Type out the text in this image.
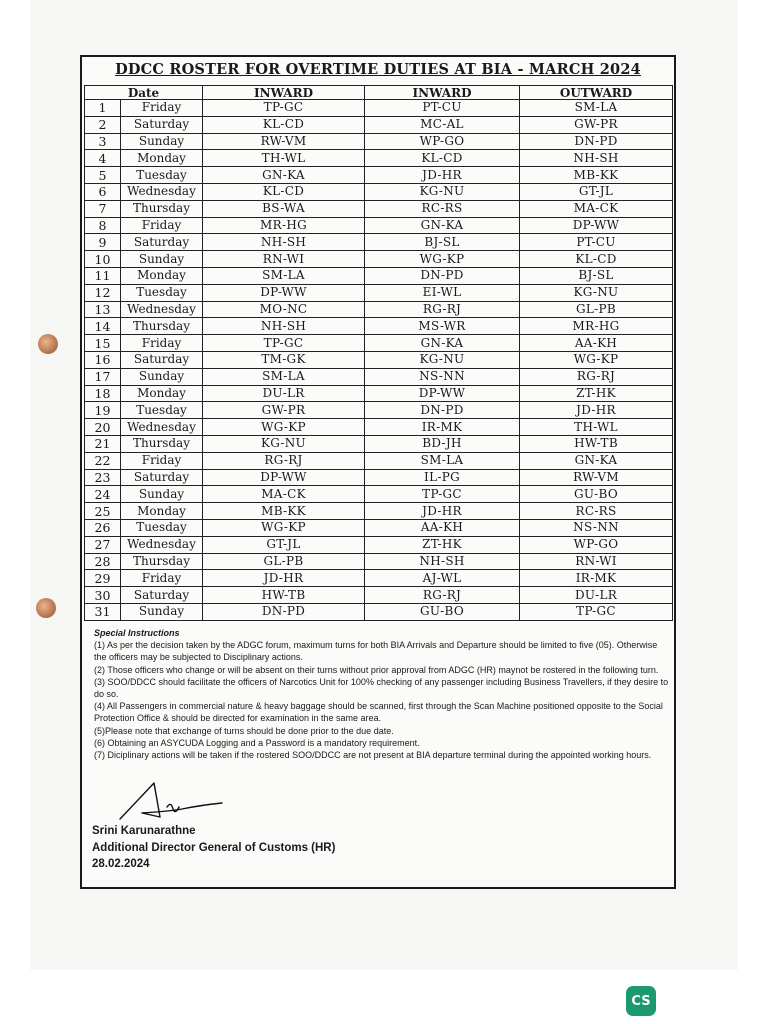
DDCC ROSTER FOR OVERTIME DUTIES AT BIA - MARCH 2024
Date		INWARD	INWARD	OUTWARD
1	Friday	TP-GC	PT-CU	SM-LA
2	Saturday	KL-CD	MC-AL	GW-PR
3	Sunday	RW-VM	WP-GO	DN-PD
4	Monday	TH-WL	KL-CD	NH-SH
5	Tuesday	GN-KA	JD-HR	MB-KK
6	Wednesday	KL-CD	KG-NU	GT-JL
7	Thursday	BS-WA	RC-RS	MA-CK
8	Friday	MR-HG	GN-KA	DP-WW
9	Saturday	NH-SH	BJ-SL	PT-CU
10	Sunday	RN-WI	WG-KP	KL-CD
11	Monday	SM-LA	DN-PD	BJ-SL
12	Tuesday	DP-WW	EI-WL	KG-NU
13	Wednesday	MO-NC	RG-RJ	GL-PB
14	Thursday	NH-SH	MS-WR	MR-HG
15	Friday	TP-GC	GN-KA	AA-KH
16	Saturday	TM-GK	KG-NU	WG-KP
17	Sunday	SM-LA	NS-NN	RG-RJ
18	Monday	DU-LR	DP-WW	ZT-HK
19	Tuesday	GW-PR	DN-PD	JD-HR
20	Wednesday	WG-KP	IR-MK	TH-WL
21	Thursday	KG-NU	BD-JH	HW-TB
22	Friday	RG-RJ	SM-LA	GN-KA
23	Saturday	DP-WW	IL-PG	RW-VM
24	Sunday	MA-CK	TP-GC	GU-BO
25	Monday	MB-KK	JD-HR	RC-RS
26	Tuesday	WG-KP	AA-KH	NS-NN
27	Wednesday	GT-JL	ZT-HK	WP-GO
28	Thursday	GL-PB	NH-SH	RN-WI
29	Friday	JD-HR	AJ-WL	IR-MK
30	Saturday	HW-TB	RG-RJ	DU-LR
31	Sunday	DN-PD	GU-BO	TP-GC

Special Instructions

(1) As per the decision taken by the ADGC forum, maximum turns for both BIA Arrivals and Departure should be limited to five (05). Otherwise the officers may be subjected to Disciplinary actions.

(2) Those officers who change or will be absent on their turns without prior approval from ADGC (HR) maynot be rostered in the following turn.

(3) SOO/DDCC should facilitate the officers of Narcotics Unit for 100% checking of any passenger including Business Travellers, if they desire to do so.

(4) All Passengers in commercial nature & heavy baggage should be scanned, first through the Scan Machine positioned opposite to the Social Protection Office & should be directed for examination in the same area.

(5)Please note that exchange of turns should be done prior to the due date.

(6) Obtaining an ASYCUDA Logging and a Password is a mandatory requirement.

(7) Diciplinary actions will be taken if the rostered SOO/DDCC are not present at BIA departure terminal during the appointed working hours.

Srini Karunarathne
Additional Director General of Customs (HR)
28.02.2024
CS
